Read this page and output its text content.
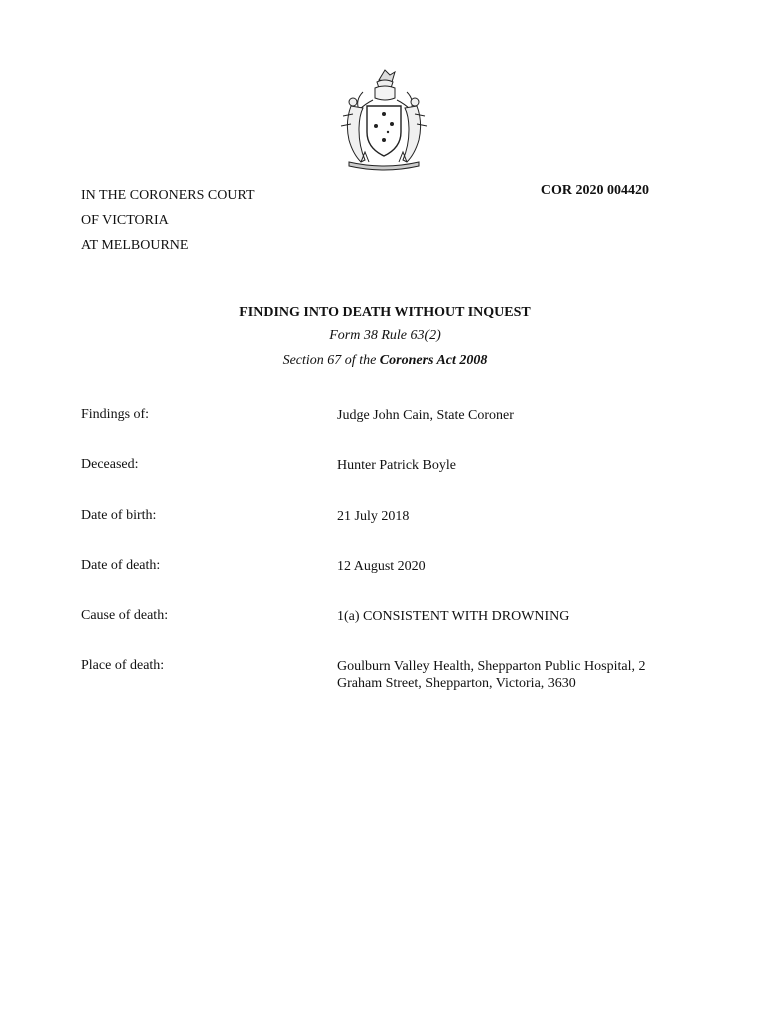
IN THE CORONERS COURT
OF VICTORIA
AT MELBOURNE
COR 2020 004420
FINDING INTO DEATH WITHOUT INQUEST
Form 38 Rule 63(2)
Section 67 of the Coroners Act 2008
Findings of:	Judge John Cain, State Coroner
Deceased:	Hunter Patrick Boyle
Date of birth:	21 July 2018
Date of death:	12 August 2020
Cause of death:	1(a) CONSISTENT WITH DROWNING
Place of death:	Goulburn Valley Health, Shepparton Public Hospital, 2 Graham Street, Shepparton, Victoria, 3630
